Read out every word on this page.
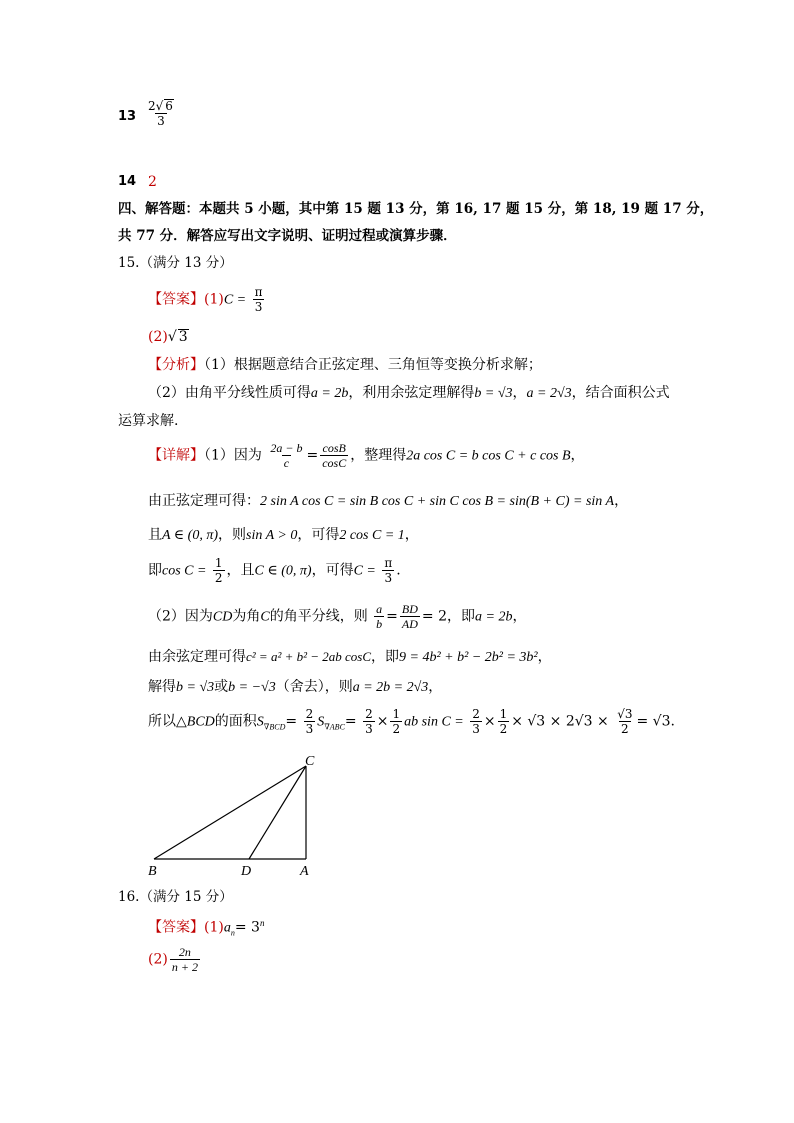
$13 \frac{2√ 6}{3}$
14 2
四、解答题：本题共 5 小题，其中第 15 题 13 分，第 16, 17 题 15 分，第 18, 19 题 17 分，
共 77 分．解答应写出文字说明、证明过程或演算步骤．
15.（满分 13 分）
【答案】$(1)C = \frac{\pi}{3}$
(2)√ 3
【分析】（1）根据题意结合正弦定理、三角恒等变换分析求解；
（2）由角平分线性质可得a = 2b，利用余弦定理解得b = √3，a = 2√3，结合面积公式
运算求解.
【详解】（1）因为 $\frac{2a - b}{c} = \frac{\cos B}{\cos C}$ ，整理得2a cos C = b cos C + c cos B，
由正弦定理可得：2 sin A cos C = sin B cos C + sin C cos B = sin(B + C) = sin A，
且A ∈ (0, π)，则sin A > 0，可得2 cos C = 1，
即$\cos C = \frac{1}{2}$ ，且C ∈ (0, π)，可得$C = \frac{\pi}{3}$ .
（2）因为CD为角C的角平分线，则 $\frac{a}{b} = \frac{BD}{AD} = 2$，即a = 2b，
由余弦定理可得c² = a² + b² − 2ab cosC，即9 = 4b² + b² − 2b² = 3b²，
解得b = √3或b = −√3（舍去），则a = 2b = 2√3，
所以△BCD的面积$S_{\nabla BCD}= \frac{2}{3} S_{\nabla ABC}= \frac{2}{3} \times \frac{1}{2}$ ab $\sin C = \frac{2}{3} \times \frac{1}{2} \times √3 \times 2√3 \times \frac{√3}{2} = √3$.
C
B	D	A
16.（满分 15 分）
【答案】$(1)a_n= 3^n$
$(2) \frac{2n}{n + 2}$
